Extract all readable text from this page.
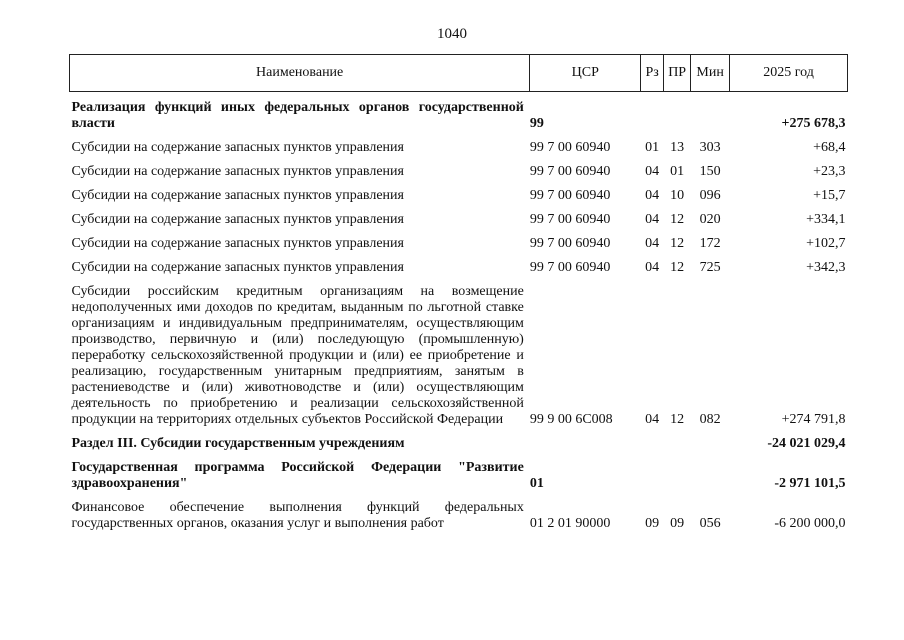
1040
Наименование	ЦСР	Рз	ПР	Мин	2025 год
Реализация функций иных федеральных органов государственной власти	99				+275 678,3
Субсидии на содержание запасных пунктов управления	99 7 00 60940	01	13	303	+68,4
Субсидии на содержание запасных пунктов управления	99 7 00 60940	04	01	150	+23,3
Субсидии на содержание запасных пунктов управления	99 7 00 60940	04	10	096	+15,7
Субсидии на содержание запасных пунктов управления	99 7 00 60940	04	12	020	+334,1
Субсидии на содержание запасных пунктов управления	99 7 00 60940	04	12	172	+102,7
Субсидии на содержание запасных пунктов управления	99 7 00 60940	04	12	725	+342,3
Субсидии российским кредитным организациям на возмещение недополученных ими доходов по кредитам, выданным по льготной ставке организациям и индивидуальным предпринимателям, осуществляющим производство, первичную и (или) последующую (промышленную) переработку сельскохозяйственной продукции и (или) ее приобретение и реализацию, государственным унитарным предприятиям, занятым в растениеводстве и (или) животноводстве и (или) осуществляющим деятельность по приобретению и реализации сельскохозяйственной продукции на территориях отдельных субъектов Российской Федерации	99 9 00 6С008	04	12	082	+274 791,8
Раздел III. Субсидии государственным учреждениям					-24 021 029,4
Государственная программа Российской Федерации "Развитие здравоохранения"	01				-2 971 101,5
Финансовое обеспечение выполнения функций федеральных государственных органов, оказания услуг и выполнения работ	01 2 01 90000	09	09	056	-6 200 000,0
